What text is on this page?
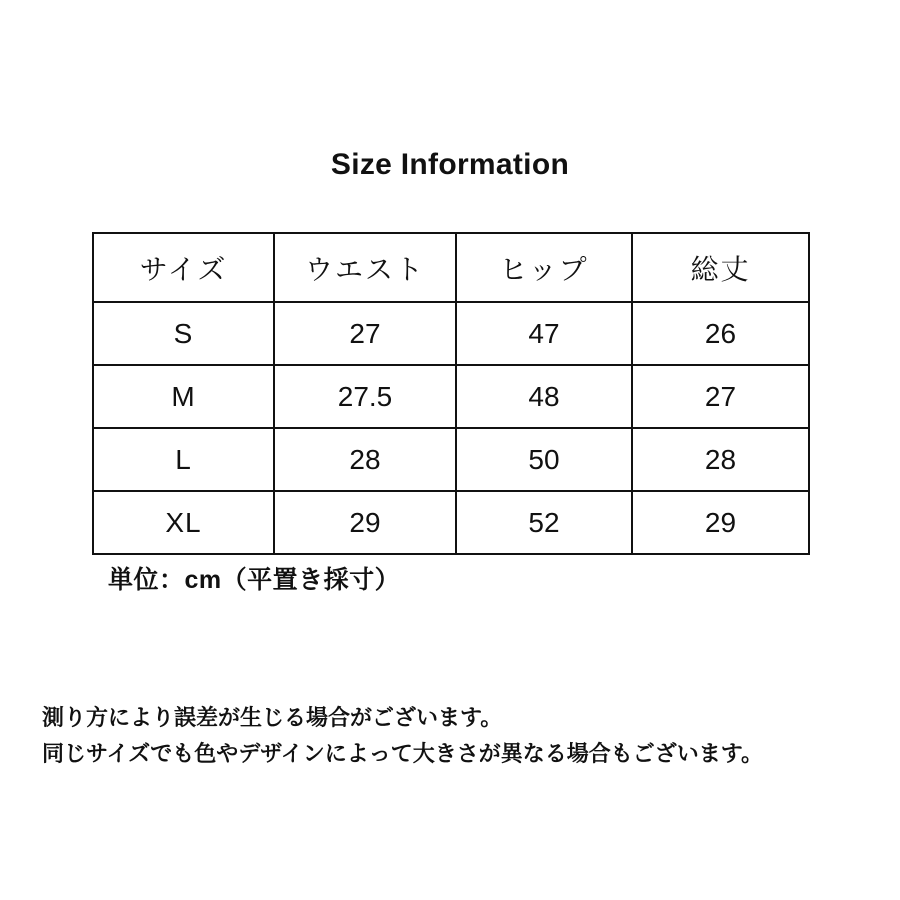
Size Information
サイズ	ウエスト	ヒップ	総丈
S	27	47	26
M	27.5	48	27
L	28	50	28
XL	29	52	29
単位：cm（平置き採寸）
測り方により誤差が生じる場合がございます。
同じサイズでも色やデザインによって大きさが異なる場合もございます。
